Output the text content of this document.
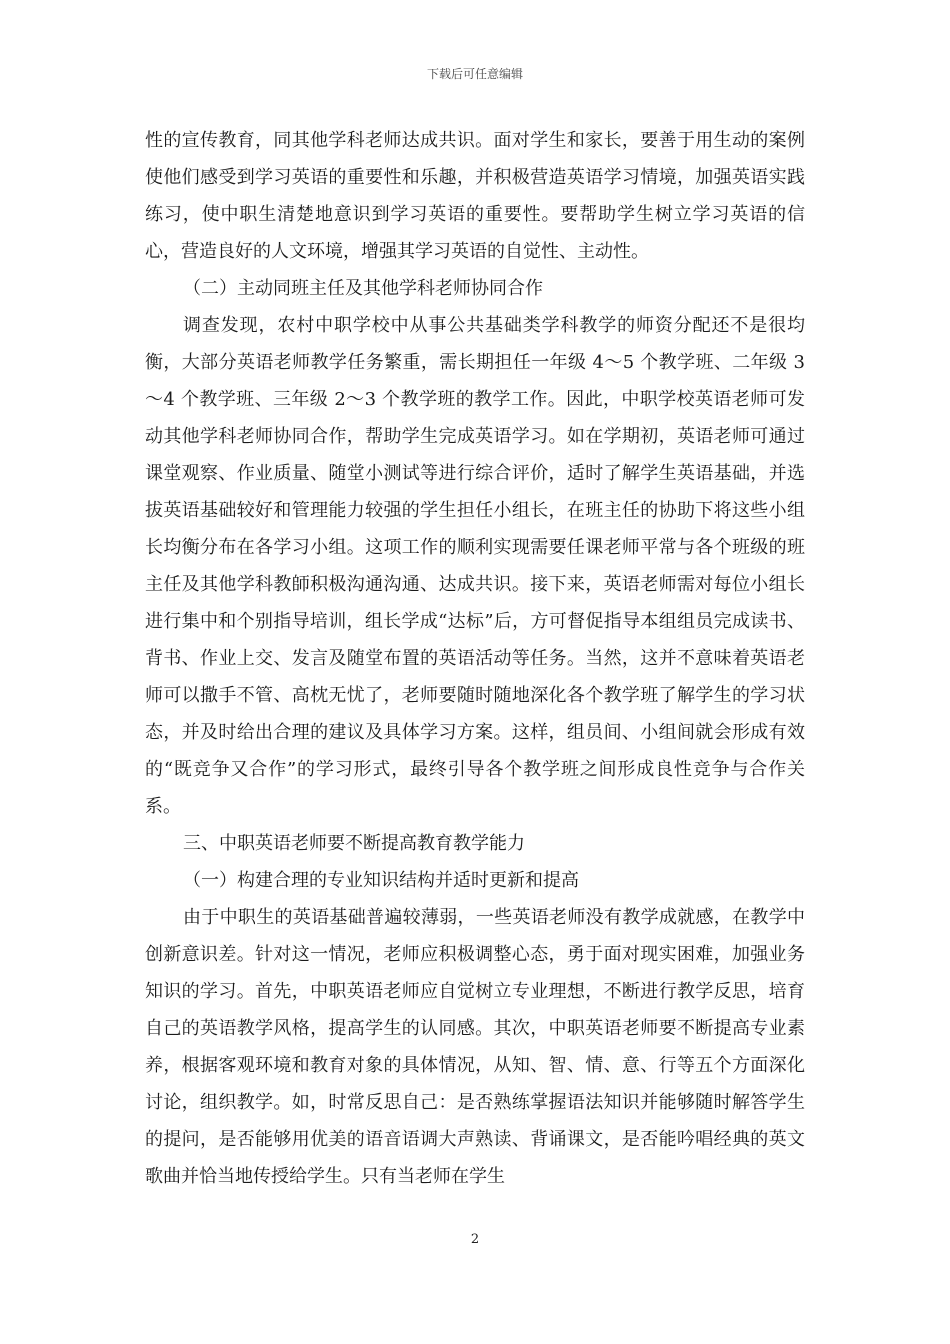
下载后可任意编辑

性的宣传教育，同其他学科老师达成共识。面对学生和家长，要善于用生动的案例使他们感受到学习英语的重要性和乐趣，并积极营造英语学习情境，加强英语实践练习，使中职生清楚地意识到学习英语的重要性。要帮助学生树立学习英语的信心，营造良好的人文环境，增强其学习英语的自觉性、主动性。

（二）主动同班主任及其他学科老师协同合作

调查发现，农村中职学校中从事公共基础类学科教学的师资分配还不是很均衡，大部分英语老师教学任务繁重，需长期担任一年级 4～5 个教学班、二年级 3～4 个教学班、三年级 2～3 个教学班的教学工作。因此，中职学校英语老师可发动其他学科老师协同合作，帮助学生完成英语学习。如在学期初，英语老师可通过课堂观察、作业质量、随堂小测试等进行综合评价，适时了解学生英语基础，并选拔英语基础较好和管理能力较强的学生担任小组长，在班主任的协助下将这些小组长均衡分布在各学习小组。这项工作的顺利实现需要任课老师平常与各个班级的班主任及其他学科教師积极沟通沟通、达成共识。接下来，英语老师需对每位小组长进行集中和个别指导培训，组长学成“达标”后，方可督促指导本组组员完成读书、背书、作业上交、发言及随堂布置的英语活动等任务。当然，这并不意味着英语老师可以撒手不管、高枕无忧了，老师要随时随地深化各个教学班了解学生的学习状态，并及时给出合理的建议及具体学习方案。这样，组员间、小组间就会形成有效的“既竞争又合作”的学习形式，最终引导各个教学班之间形成良性竞争与合作关系。

三、中职英语老师要不断提高教育教学能力

（一）构建合理的专业知识结构并适时更新和提高

由于中职生的英语基础普遍较薄弱，一些英语老师没有教学成就感，在教学中创新意识差。针对这一情况，老师应积极调整心态，勇于面对现实困难，加强业务知识的学习。首先，中职英语老师应自觉树立专业理想，不断进行教学反思，培育自己的英语教学风格，提高学生的认同感。其次，中职英语老师要不断提高专业素养，根据客观环境和教育对象的具体情况，从知、智、情、意、行等五个方面深化讨论，组织教学。如，时常反思自己：是否熟练掌握语法知识并能够随时解答学生的提问，是否能够用优美的语音语调大声熟读、背诵课文，是否能吟唱经典的英文歌曲并恰当地传授给学生。只有当老师在学生

2
